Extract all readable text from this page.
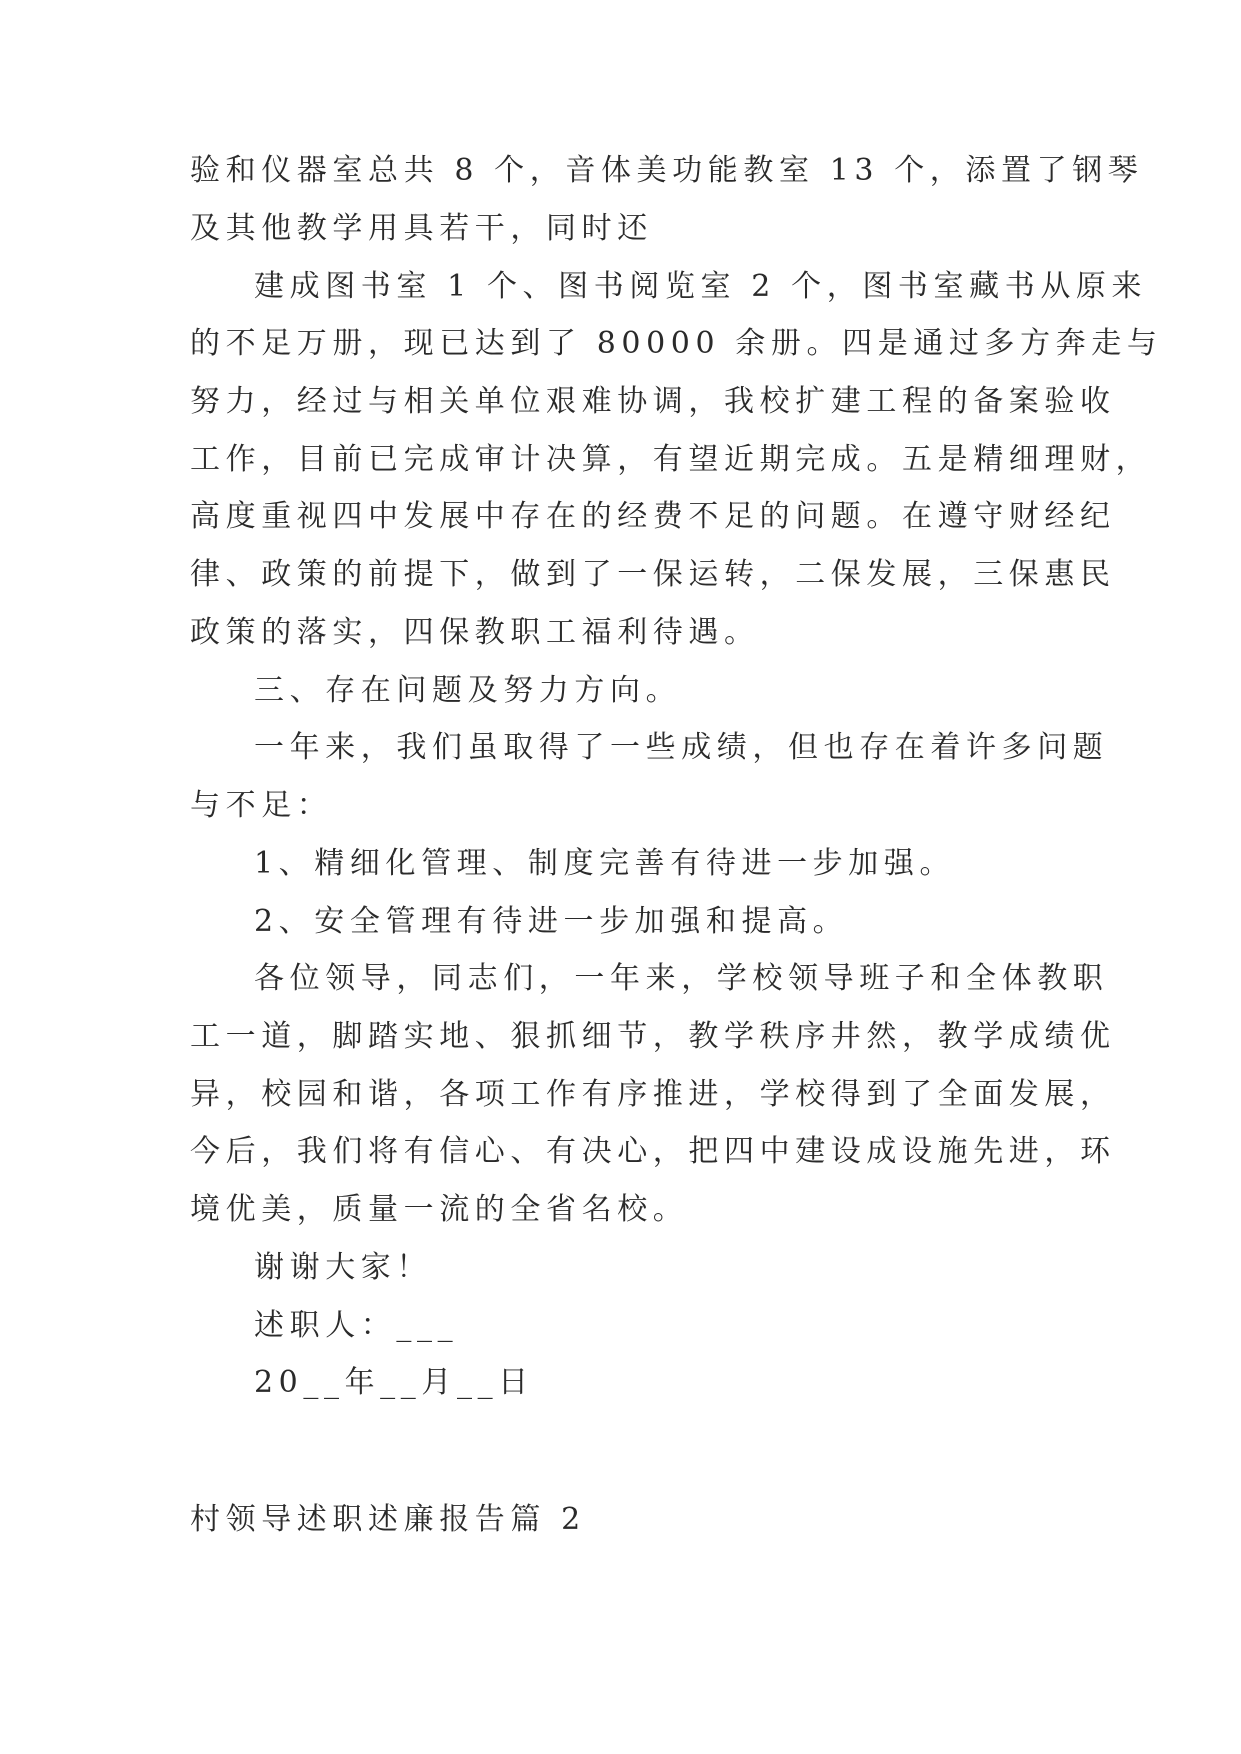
验和仪器室总共 8 个，音体美功能教室 13 个，添置了钢琴
及其他教学用具若干，同时还
建成图书室 1 个、图书阅览室 2 个，图书室藏书从原来
的不足万册，现已达到了 80000 余册。四是通过多方奔走与
努力，经过与相关单位艰难协调，我校扩建工程的备案验收
工作，目前已完成审计决算，有望近期完成。五是精细理财，
高度重视四中发展中存在的经费不足的问题。在遵守财经纪
律、政策的前提下，做到了一保运转，二保发展，三保惠民
政策的落实，四保教职工福利待遇。
三、存在问题及努力方向。
一年来，我们虽取得了一些成绩，但也存在着许多问题
与不足：
1、精细化管理、制度完善有待进一步加强。
2、安全管理有待进一步加强和提高。
各位领导，同志们，一年来，学校领导班子和全体教职
工一道，脚踏实地、狠抓细节，教学秩序井然，教学成绩优
异，校园和谐，各项工作有序推进，学校得到了全面发展，
今后，我们将有信心、有决心，把四中建设成设施先进，环
境优美，质量一流的全省名校。
谢谢大家！
述职人：___
20__年__月__日
村领导述职述廉报告篇 2
